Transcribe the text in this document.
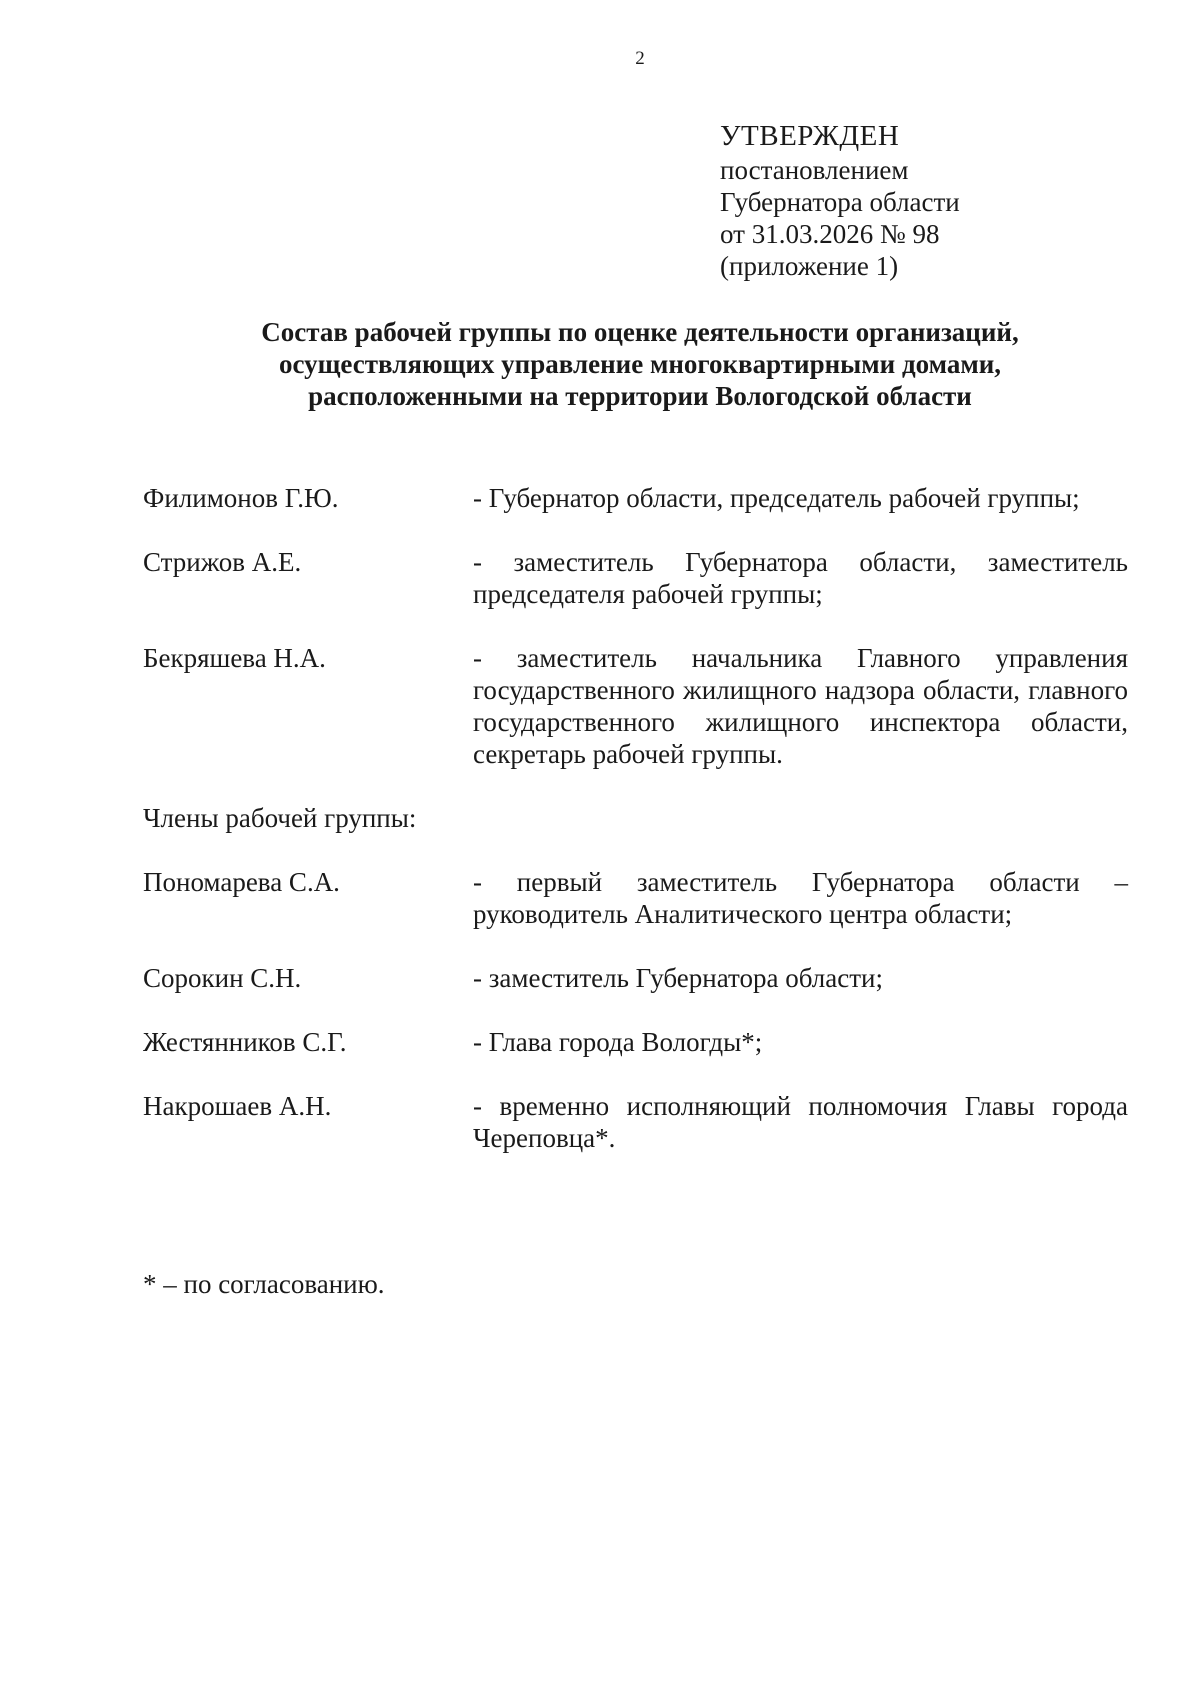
2
УТВЕРЖДЕН
постановлением
Губернатора области
от 31.03.2026 № 98
(приложение 1)
Состав рабочей группы по оценке деятельности организаций,
осуществляющих управление многоквартирными домами,
расположенными на территории Вологодской области
Филимонов Г.Ю.	- Губернатор области, председатель рабочей группы;
Стрижов А.Е.	- заместитель Губернатора области, заместитель председателя рабочей группы;
Бекряшева Н.А.	- заместитель начальника Главного управления государственного жилищного надзора области, главного государственного жилищного инспектора области, секретарь рабочей группы.
Члены рабочей группы:
Пономарева С.А.	- первый заместитель Губернатора области – руководитель Аналитического центра области;
Сорокин С.Н.	- заместитель Губернатора области;
Жестянников С.Г.	- Глава города Вологды*;
Накрошаев А.Н.	- временно исполняющий полномочия Главы города Череповца*.
* – по согласованию.
